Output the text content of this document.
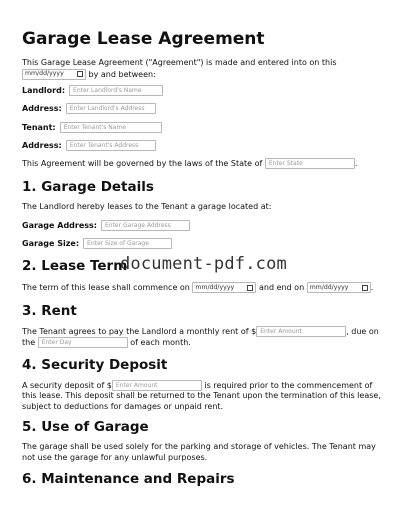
Garage Lease Agreement
This Garage Lease Agreement ("Agreement") is made and entered into on this

mm/dd/yyyy	by and between:
Landlord:	Enter Landlord's Name
Address:	Enter Landlord's Address
Tenant:	Enter Tenant's Name
Address:	Enter Tenant's Address
This Agreement will be governed by the laws of the State of
	Enter State	.
1. Garage Details
The Landlord hereby leases to the Tenant a garage located at:
Garage Address:	Enter Garage Address
Garage Size:	Enter Size of Garage
2. Lease Term
The term of this lease shall commence on
mm/dd/yyyy
	and end on
mm/dd/yyyy	.
3. Rent
The Tenant agrees to pay the Landlord a monthly rent of $ Enter Amount	, due on
the
	Enter Day
	of each month.
4. Security Deposit
A security deposit of $ Enter Amount
	is required prior to the commencement of
this lease. This deposit shall be returned to the Tenant upon the termination of this lease,
subject to deductions for damages or unpaid rent.
5. Use of Garage
The garage shall be used solely for the parking and storage of vehicles. The Tenant may
not use the garage for any unlawful purposes.
6. Maintenance and Repairs
document-pdf.com
